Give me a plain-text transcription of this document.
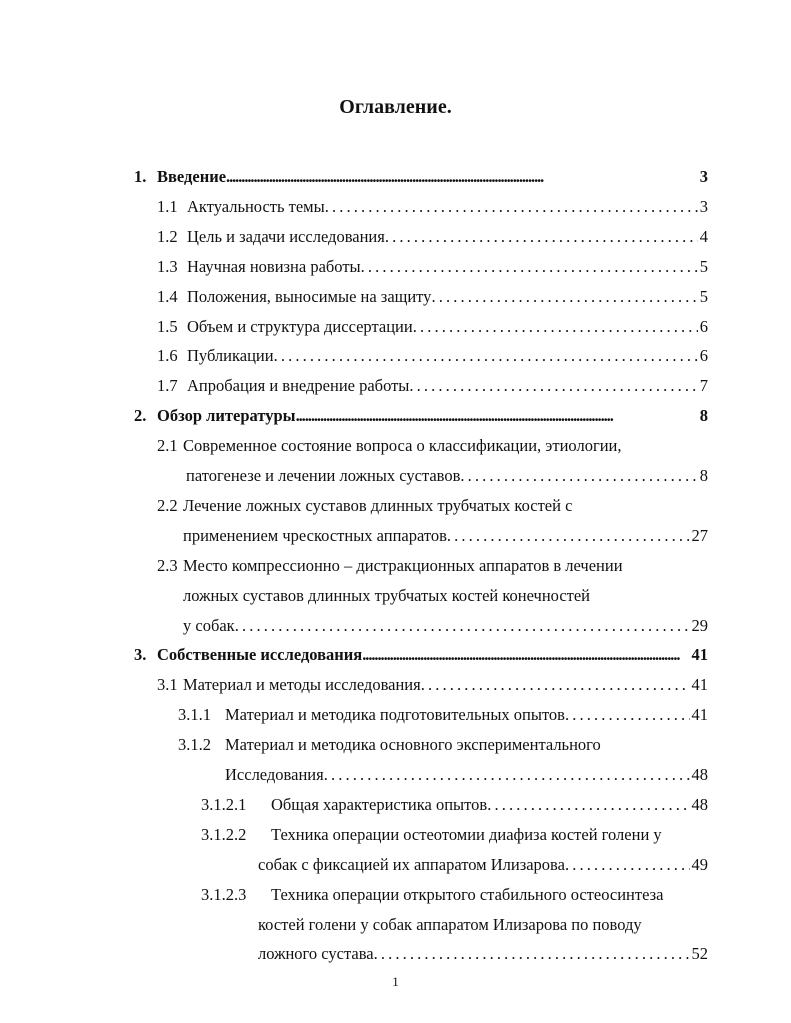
Оглавление.
1. Введение . . .	3
1.1 Актуальность темы . . .	3
1.2 Цель и задачи исследования . . .	4
1.3 Научная новизна работы . . .	5
1.4 Положения, выносимые на защиту . . .	5
1.5 Объем и структура диссертации . . .	6
1.6 Публикации . . .	6
1.7 Апробация и внедрение работы . . .	7
2. Обзор литературы . . .	8
2.1 Современное состояние вопроса о классификации, этиологии,
патогенезе и лечении ложных суставов . . .	8
2.2 Лечение ложных суставов длинных трубчатых костей с
применением чрескостных аппаратов . . .	27
2.3 Место компрессионно – дистракционных аппаратов в лечении
ложных суставов длинных трубчатых костей конечностей
у собак . . .	29
3. Собственные исследования . . .	41
3.1 Материал и методы исследования . . .	41
3.1.1 Материал и методика подготовительных опытов . . .	41
3.1.2 Материал и методика основного экспериментального
Исследования . . .	48
3.1.2.1	Общая характеристика опытов . . .	48
3.1.2.2	Техника операции остеотомии диафиза костей голени у
собак с фиксацией их аппаратом Илизарова . . .	49
3.1.2.3	Техника операции открытого стабильного остеосинтеза
костей голени у собак аппаратом Илизарова по поводу
ложного сустава . . .	52
1
